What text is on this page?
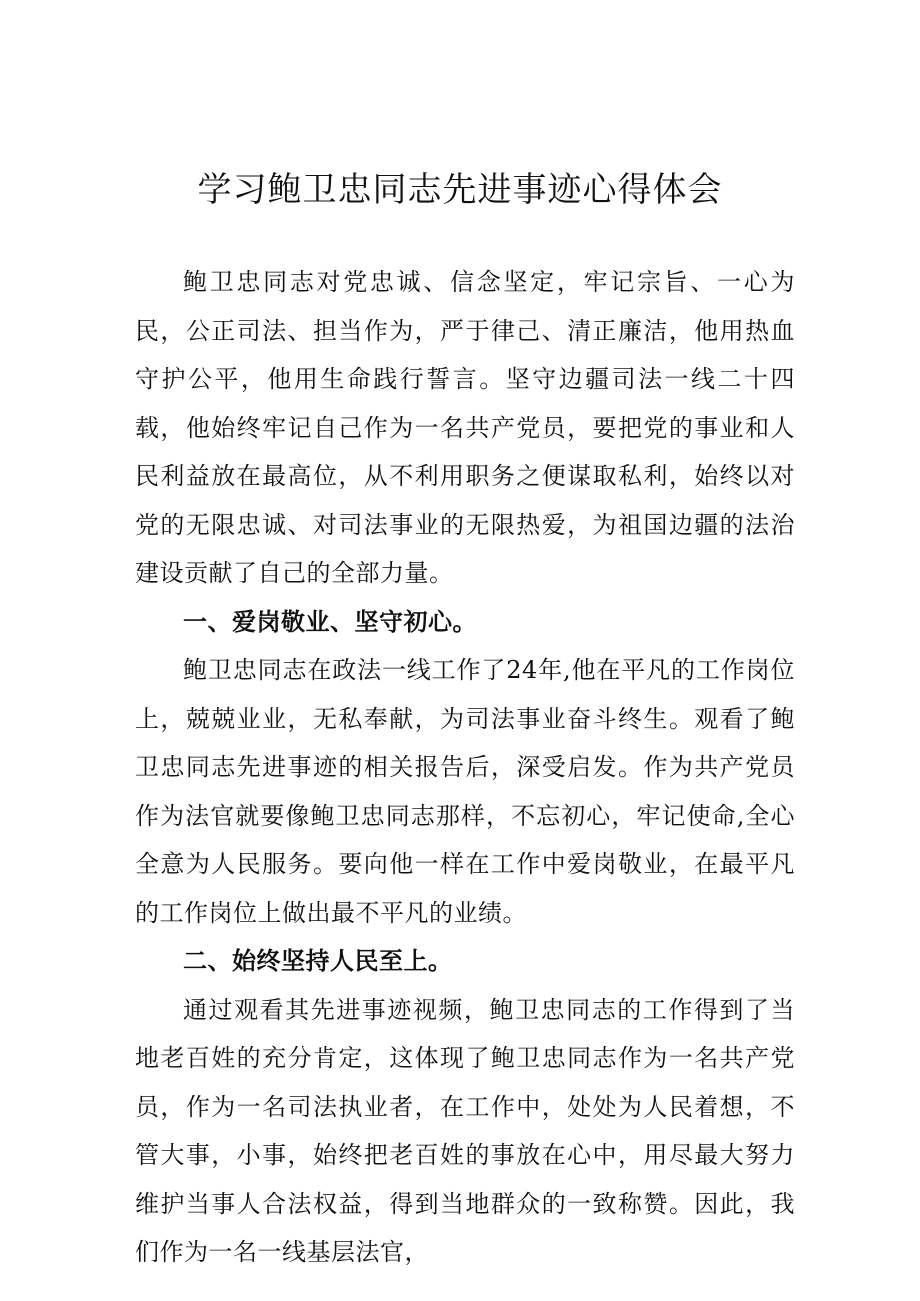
学习鲍卫忠同志先进事迹心得体会

鲍卫忠同志对党忠诚、信念坚定，牢记宗旨、一心为民，公正司法、担当作为，严于律己、清正廉洁，他用热血守护公平，他用生命践行誓言。坚守边疆司法一线二十四载，他始终牢记自己作为一名共产党员，要把党的事业和人民利益放在最高位，从不利用职务之便谋取私利，始终以对党的无限忠诚、对司法事业的无限热爱，为祖国边疆的法治建设贡献了自己的全部力量。

一、爱岗敬业、坚守初心。

鲍卫忠同志在政法一线工作了24年,他在平凡的工作岗位上，兢兢业业，无私奉献，为司法事业奋斗终生。观看了鲍卫忠同志先进事迹的相关报告后，深受启发。作为共产党员作为法官就要像鲍卫忠同志那样，不忘初心，牢记使命,全心全意为人民服务。要向他一样在工作中爱岗敬业，在最平凡的工作岗位上做出最不平凡的业绩。

二、始终坚持人民至上。

通过观看其先进事迹视频，鲍卫忠同志的工作得到了当地老百姓的充分肯定，这体现了鲍卫忠同志作为一名共产党员，作为一名司法执业者，在工作中，处处为人民着想，不管大事，小事，始终把老百姓的事放在心中，用尽最大努力维护当事人合法权益，得到当地群众的一致称赞。因此，我们作为一名一线基层法官，
